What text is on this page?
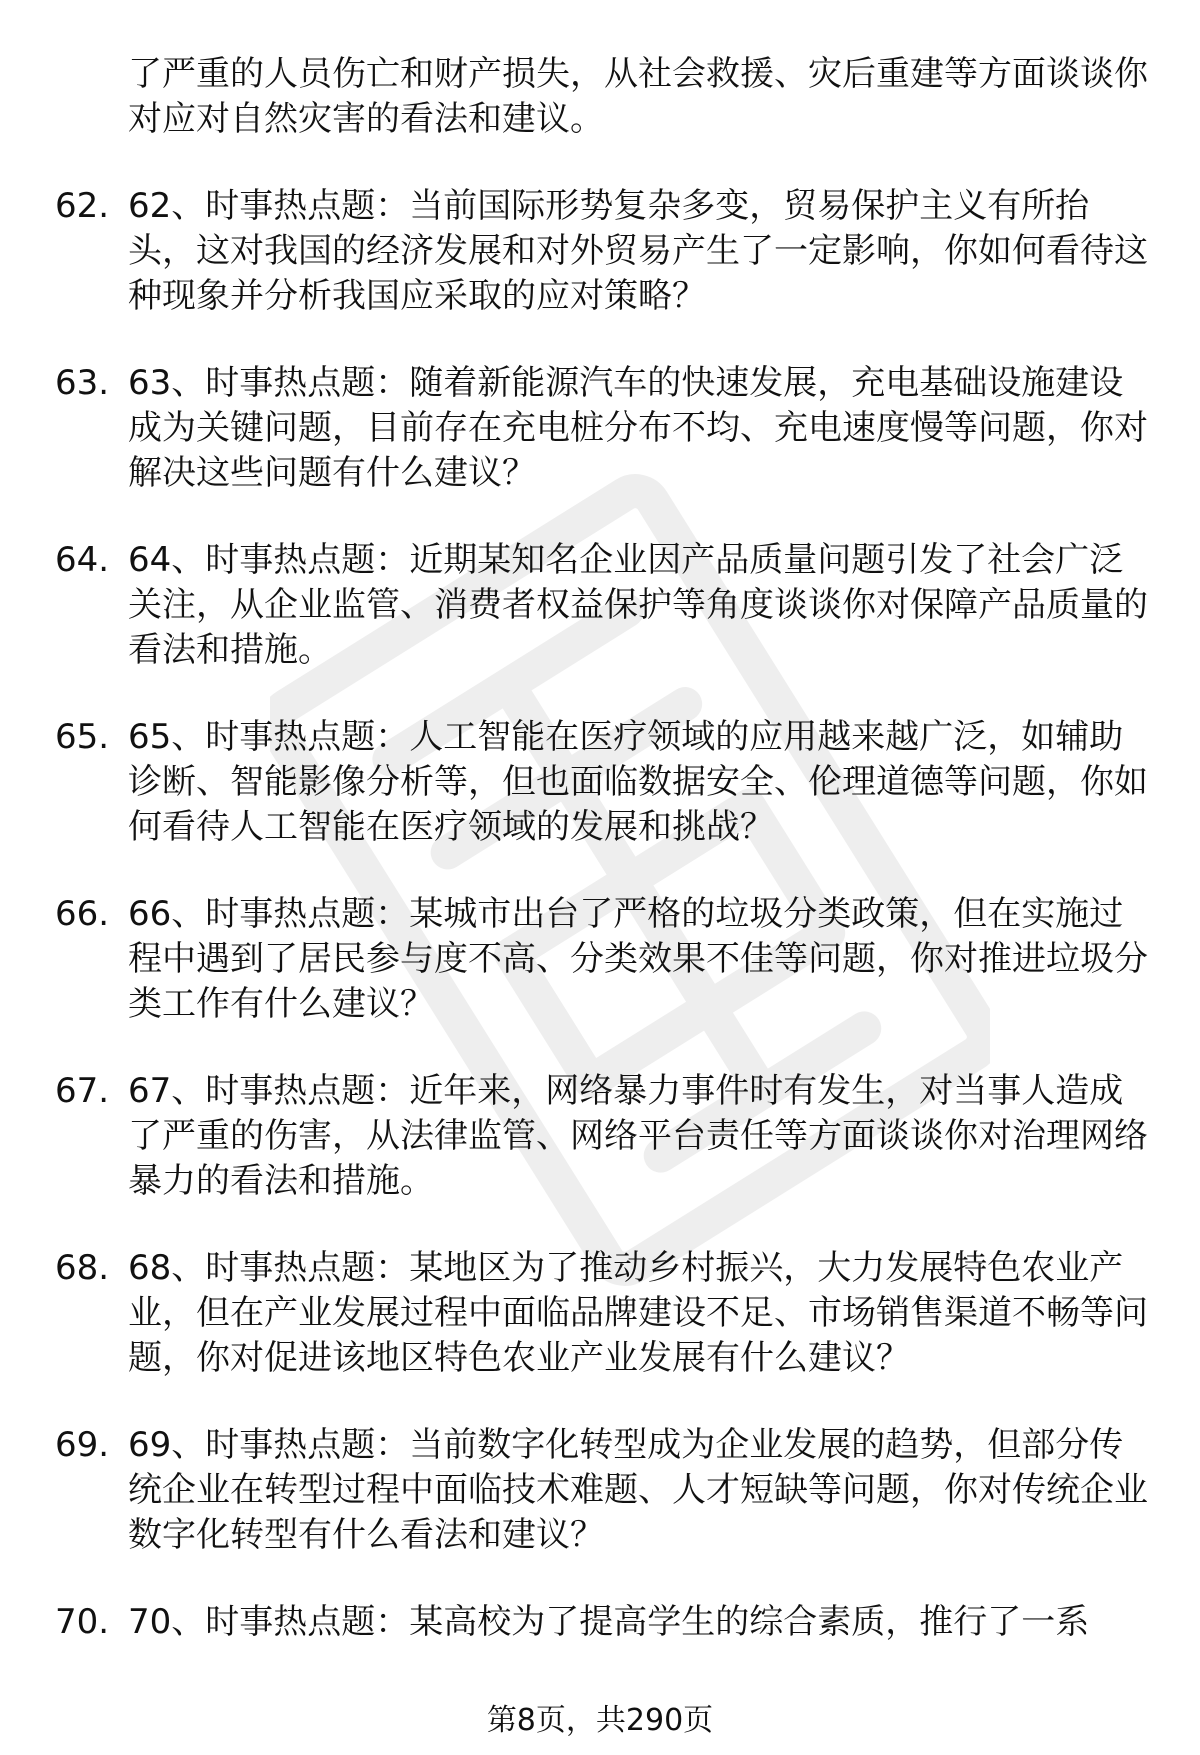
了严重的人员伤亡和财产损失，从社会救援、灾后重建等方面谈谈你对应对自然灾害的看法和建议。
62. 62、时事热点题：当前国际形势复杂多变，贸易保护主义有所抬头，这对我国的经济发展和对外贸易产生了一定影响，你如何看待这种现象并分析我国应采取的应对策略？
63. 63、时事热点题：随着新能源汽车的快速发展，充电基础设施建设成为关键问题，目前存在充电桩分布不均、充电速度慢等问题，你对解决这些问题有什么建议？
64. 64、时事热点题：近期某知名企业因产品质量问题引发了社会广泛关注，从企业监管、消费者权益保护等角度谈谈你对保障产品质量的看法和措施。
65. 65、时事热点题：人工智能在医疗领域的应用越来越广泛，如辅助诊断、智能影像分析等，但也面临数据安全、伦理道德等问题，你如何看待人工智能在医疗领域的发展和挑战？
66. 66、时事热点题：某城市出台了严格的垃圾分类政策，但在实施过程中遇到了居民参与度不高、分类效果不佳等问题，你对推进垃圾分类工作有什么建议？
67. 67、时事热点题：近年来，网络暴力事件时有发生，对当事人造成了严重的伤害，从法律监管、网络平台责任等方面谈谈你对治理网络暴力的看法和措施。
68. 68、时事热点题：某地区为了推动乡村振兴，大力发展特色农业产业，但在产业发展过程中面临品牌建设不足、市场销售渠道不畅等问题，你对促进该地区特色农业产业发展有什么建议？
69. 69、时事热点题：当前数字化转型成为企业发展的趋势，但部分传统企业在转型过程中面临技术难题、人才短缺等问题，你对传统企业数字化转型有什么看法和建议？
70. 70、时事热点题：某高校为了提高学生的综合素质，推行了一系
第8页，共290页
